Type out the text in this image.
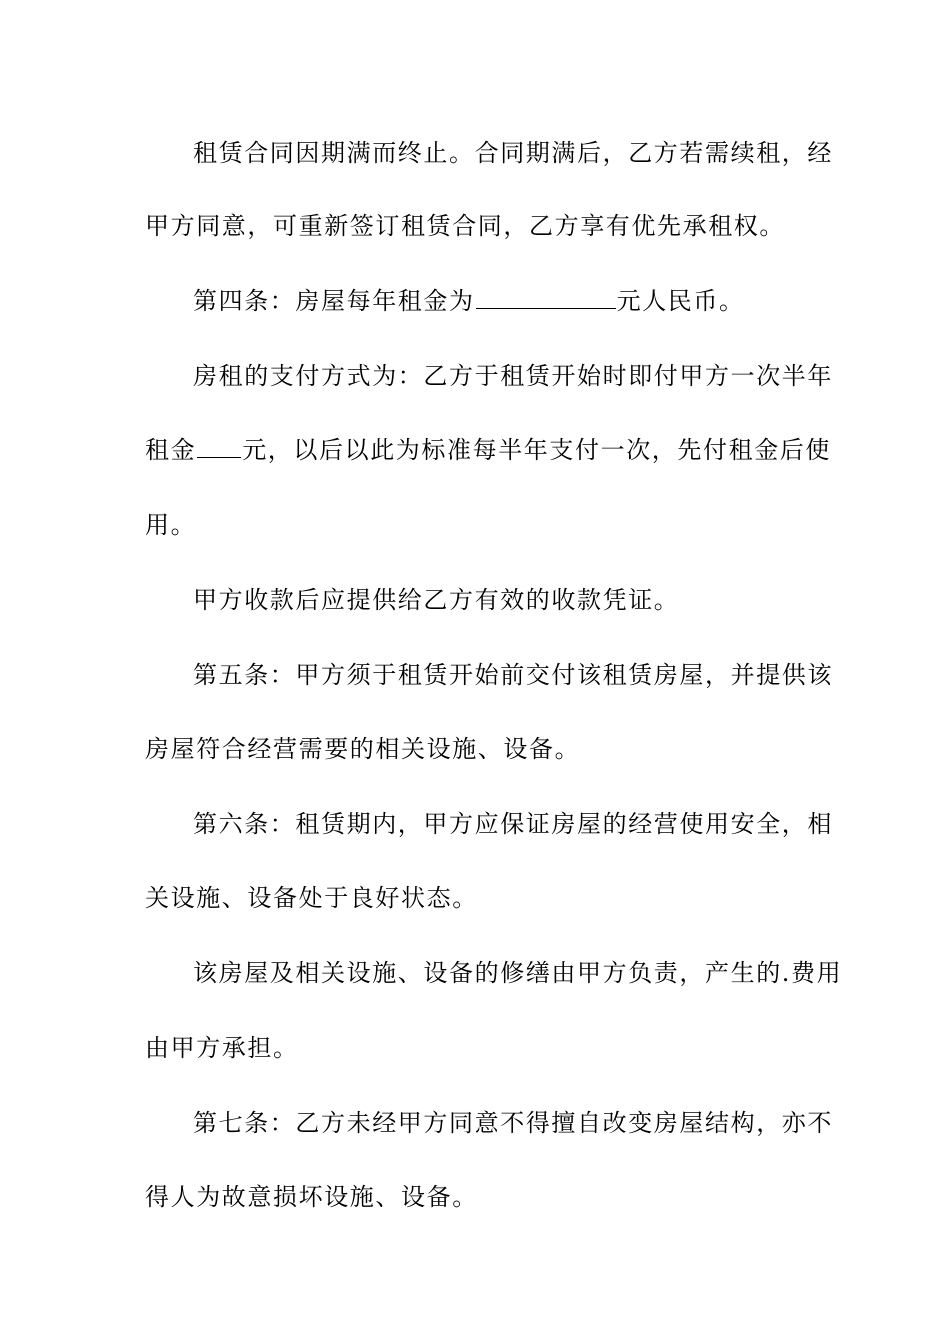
租赁合同因期满而终止。合同期满后，乙方若需续租，经
甲方同意，可重新签订租赁合同，乙方享有优先承租权。
第四条：房屋每年租金为	元人民币。
房租的支付方式为：乙方于租赁开始时即付甲方一次半年
租金 元，以后以此为标准每半年支付一次，先付租金后使
用。
甲方收款后应提供给乙方有效的收款凭证。
第五条：甲方须于租赁开始前交付该租赁房屋，并提供该
房屋符合经营需要的相关设施、设备。
第六条：租赁期内，甲方应保证房屋的经营使用安全，相
关设施、设备处于良好状态。
该房屋及相关设施、设备的修缮由甲方负责，产生的.费用
由甲方承担。
第七条：乙方未经甲方同意不得擅自改变房屋结构，亦不
得人为故意损坏设施、设备。
